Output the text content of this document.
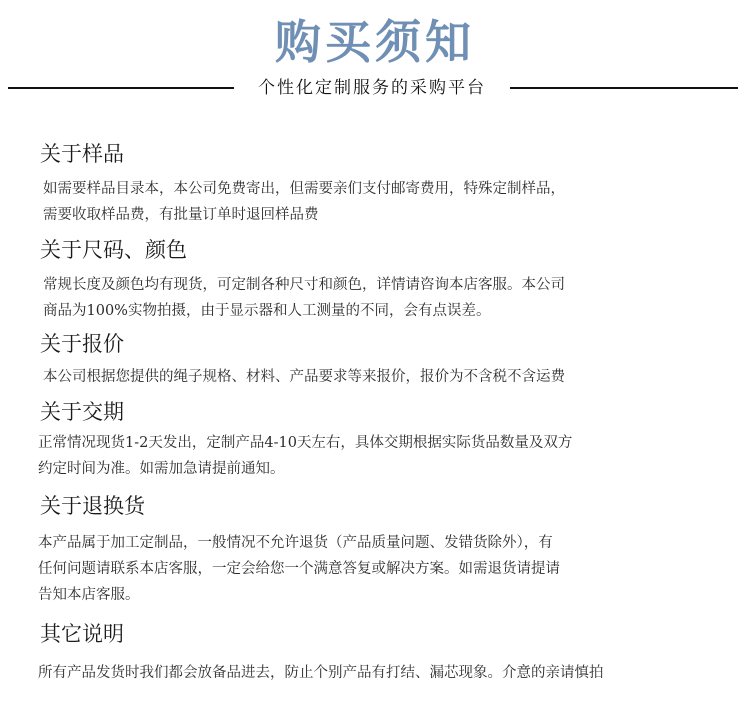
购买须知
个性化定制服务的采购平台
关于样品
如需要样品目录本，本公司免费寄出，但需要亲们支付邮寄费用，特殊定制样品，
需要收取样品费，有批量订单时退回样品费
关于尺码、颜色
常规长度及颜色均有现货，可定制各种尺寸和颜色，详情请咨询本店客服。本公司
商品为100%实物拍摄，由于显示器和人工测量的不同，会有点误差。
关于报价
本公司根据您提供的绳子规格、材料、产品要求等来报价，报价为不含税不含运费
关于交期
正常情况现货1-2天发出，定制产品4-10天左右，具体交期根据实际货品数量及双方
约定时间为准。如需加急请提前通知。
关于退换货
本产品属于加工定制品，一般情况不允许退货（产品质量问题、发错货除外），有
任何问题请联系本店客服，一定会给您一个满意答复或解决方案。如需退货请提请
告知本店客服。
其它说明
所有产品发货时我们都会放备品进去，防止个别产品有打结、漏芯现象。介意的亲请慎拍
